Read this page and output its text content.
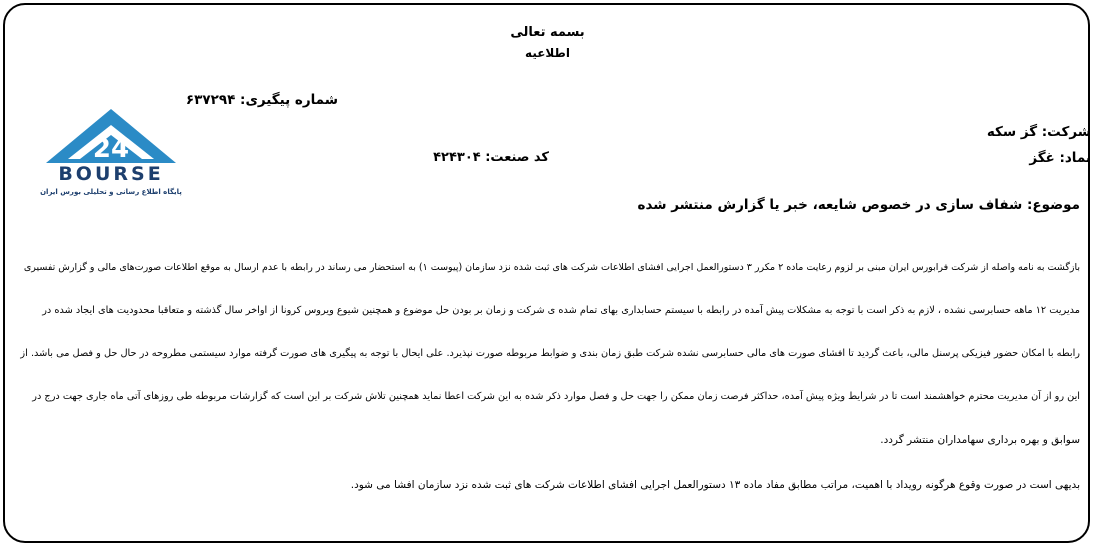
بسمه تعالی
اطلاعیه
شماره پیگیری: ۶۳۷۲۹۴
شرکت: گز سکه
نماد: غگز
کد صنعت: ۴۲۴۳۰۴
موضوع: شفاف سازی در خصوص شایعه، خبر یا گزارش منتشر شده
24
BOURSE
پایگاه اطلاع رسانی و تحلیلی بورس ایران
بازگشت به نامه واصله از شرکت فرابورس ایران مبنی بر لزوم رعایت ماده ۲ مکرر ۳ دستورالعمل اجرایی افشای اطلاعات شرکت های ثبت شده نزد سازمان (پیوست ۱) به استحضار می رساند در رابطه با عدم ارسال به موقع اطلاعات صورت‌های مالی و گزارش تفسیری
مدیریت ۱۲ ماهه حسابرسی نشده ، لازم به ذکر است با توجه به مشکلات پیش آمده در رابطه با سیستم حسابداری بهای تمام شده ی شرکت و زمان بر بودن حل موضوع و همچنین شیوع ویروس کرونا از اواخر سال گذشته و متعاقبا محدودیت های ایجاد شده در
رابطه با امکان حضور فیزیکی پرسنل مالی، باعث گردید تا افشای صورت های مالی حسابرسی نشده شرکت طبق زمان بندی و ضوابط مربوطه صورت نپذیرد. علی ایحال با توجه به پیگیری های صورت گرفته موارد سیستمی مطروحه در حال حل و فصل می باشد. از
این رو از آن مدیریت محترم خواهشمند است تا در شرایط ویژه پیش آمده، حداکثر فرصت زمان ممکن را جهت حل و فصل موارد ذکر شده به این شرکت اعطا نماید همچنین تلاش شرکت بر این است که گزارشات مربوطه طی روزهای آتی ماه جاری جهت درج در
سوابق و بهره برداری سهامداران منتشر گردد.
بدیهی است در صورت وقوع هرگونه رویداد با اهمیت، مراتب مطابق مفاد ماده ۱۳ دستورالعمل اجرایی افشای اطلاعات شرکت های ثبت شده نزد سازمان افشا می شود.
